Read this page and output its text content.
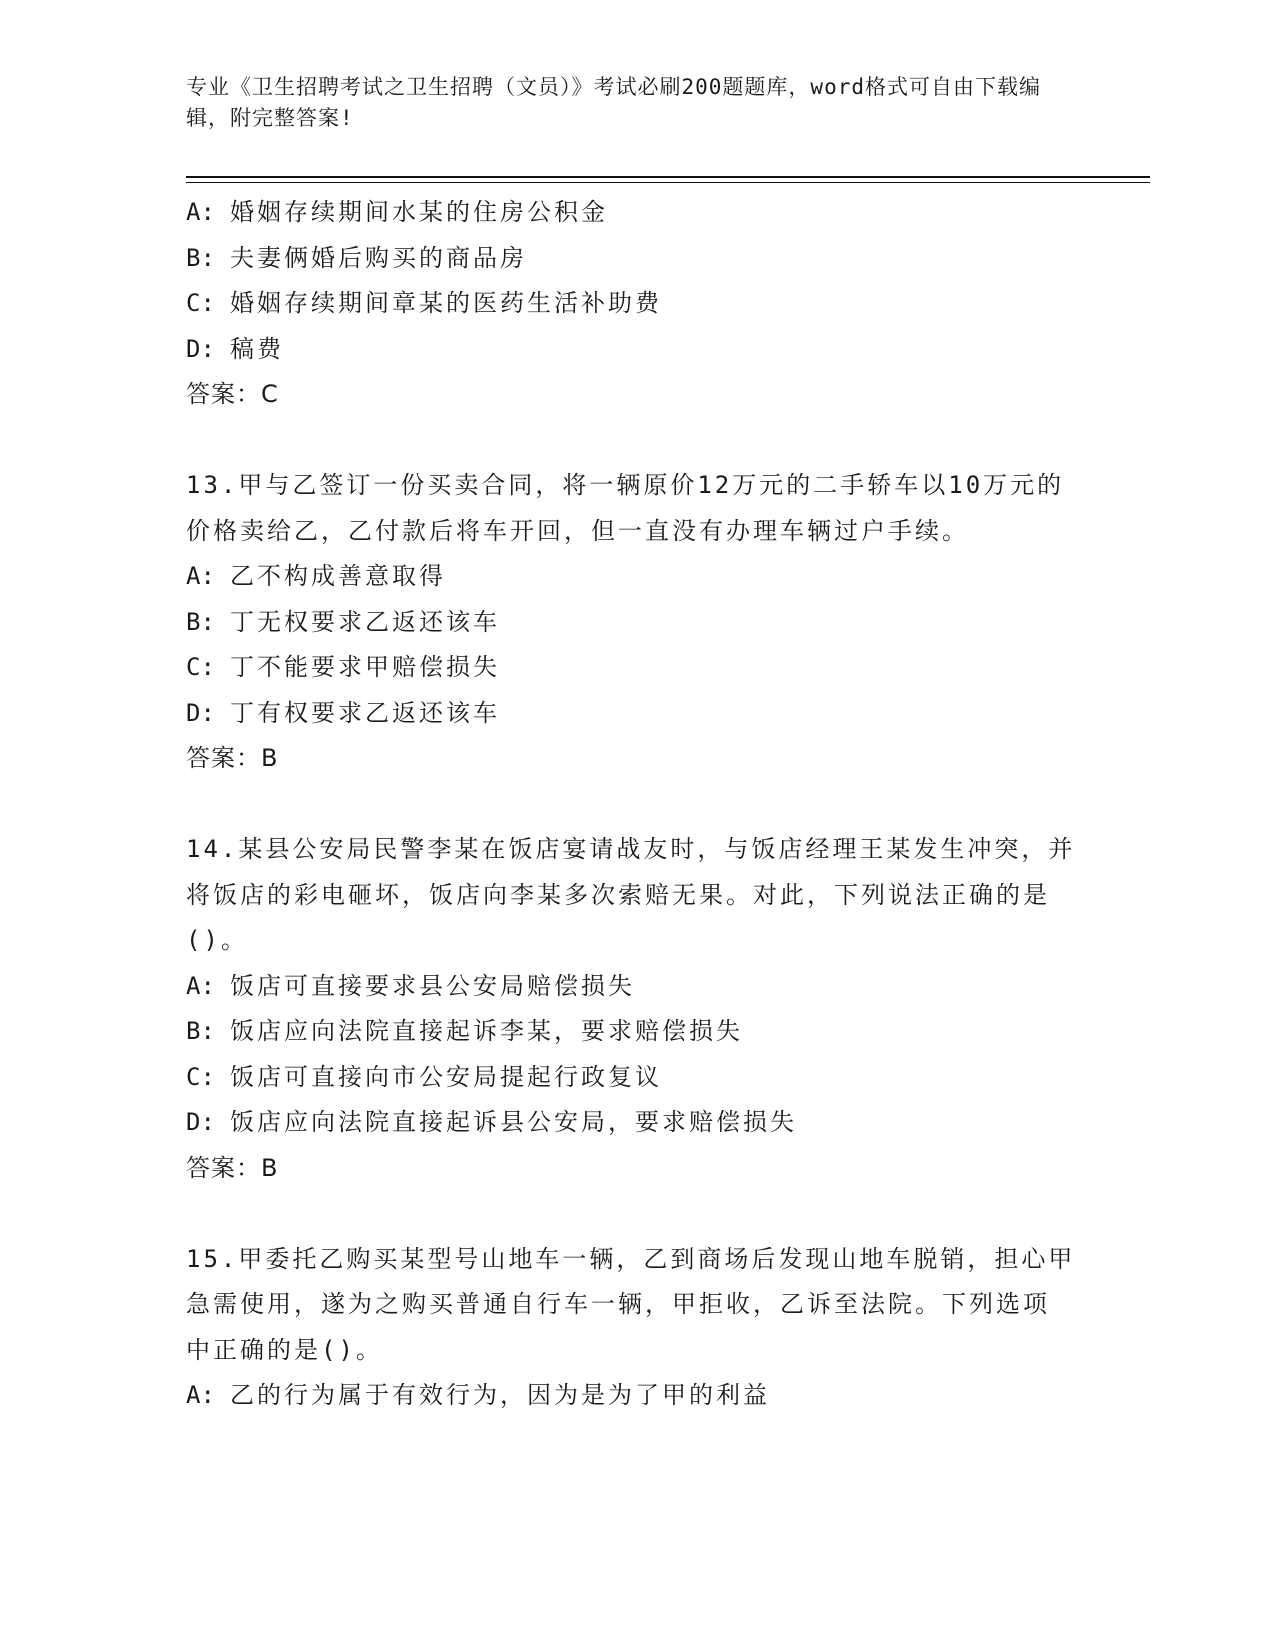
专业《卫生招聘考试之卫生招聘（文员）》考试必刷200题题库，word格式可自由下载编辑，附完整答案!
A: 婚姻存续期间水某的住房公积金
B: 夫妻俩婚后购买的商品房
C: 婚姻存续期间章某的医药生活补助费
D: 稿费
答案：C
13.甲与乙签订一份买卖合同，将一辆原价12万元的二手轿车以10万元的价格卖给乙，乙付款后将车开回，但一直没有办理车辆过户手续。
A: 乙不构成善意取得
B: 丁无权要求乙返还该车
C: 丁不能要求甲赔偿损失
D: 丁有权要求乙返还该车
答案：B
14.某县公安局民警李某在饭店宴请战友时，与饭店经理王某发生冲突，并将饭店的彩电砸坏，饭店向李某多次索赔无果。对此，下列说法正确的是()。
A: 饭店可直接要求县公安局赔偿损失
B: 饭店应向法院直接起诉李某，要求赔偿损失
C: 饭店可直接向市公安局提起行政复议
D: 饭店应向法院直接起诉县公安局，要求赔偿损失
答案：B
15.甲委托乙购买某型号山地车一辆，乙到商场后发现山地车脱销，担心甲急需使用，遂为之购买普通自行车一辆，甲拒收，乙诉至法院。下列选项中正确的是()。
A: 乙的行为属于有效行为，因为是为了甲的利益
